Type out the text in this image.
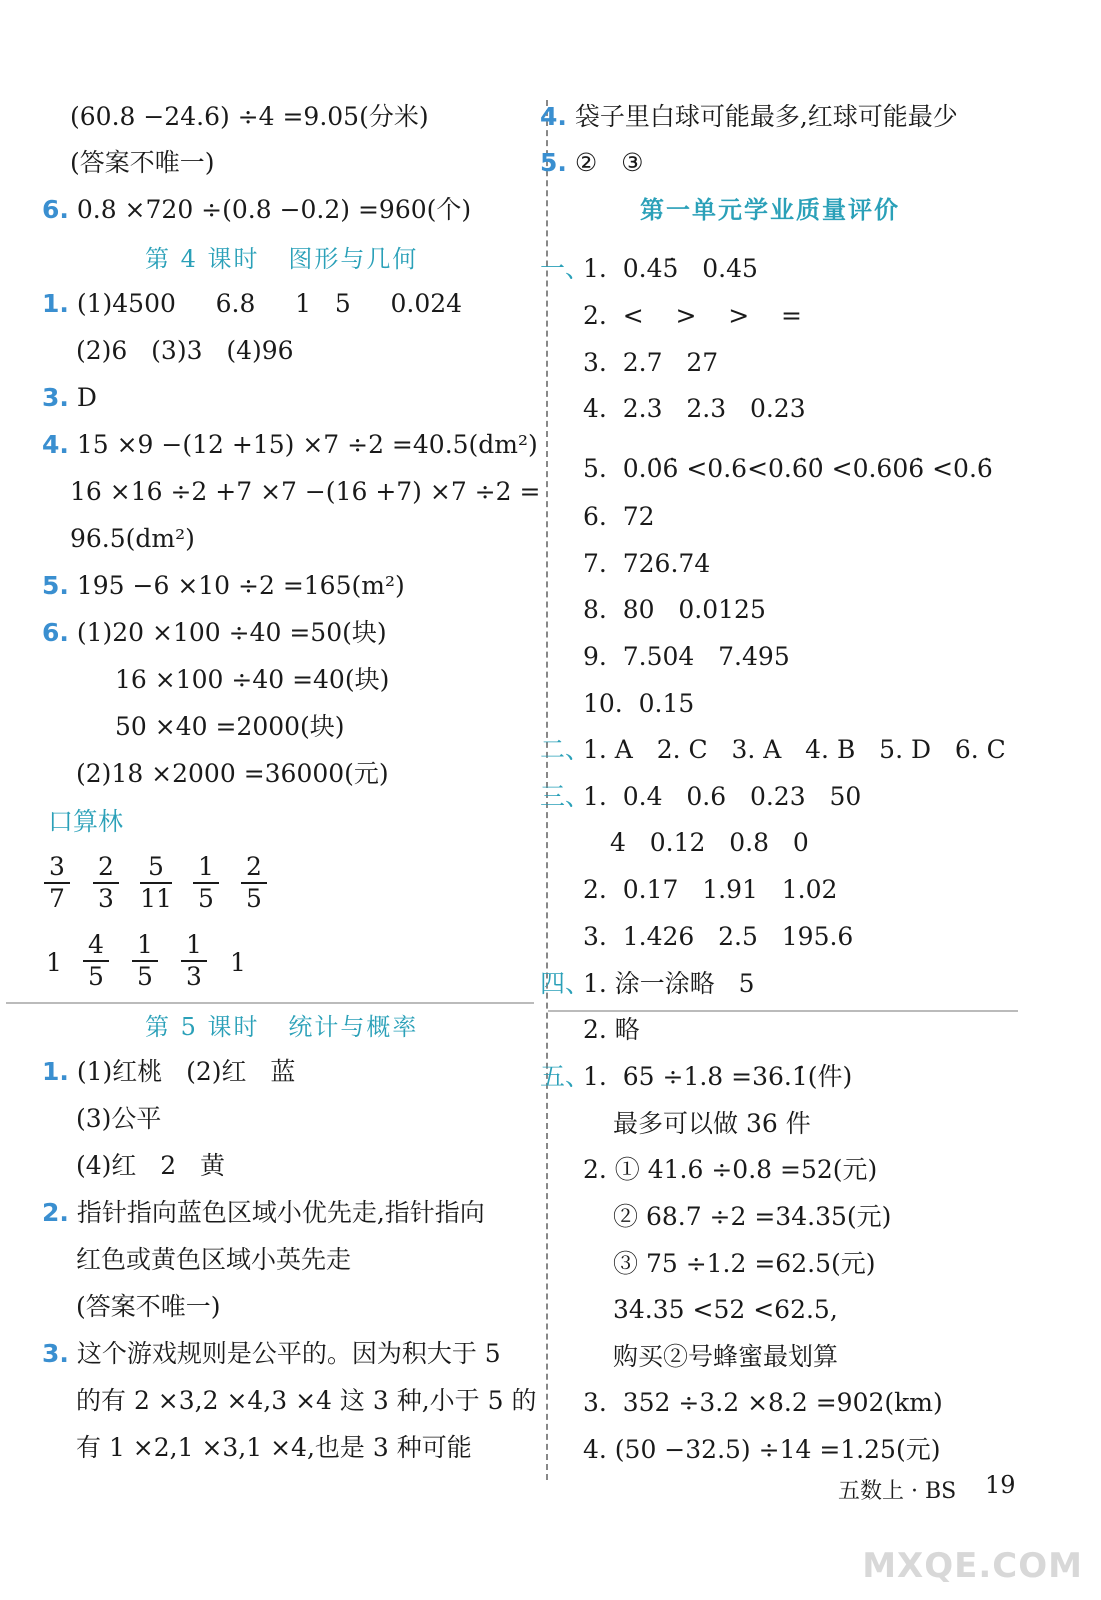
(60.8 −24.6) ÷4 =9.05(分米)
(答案不唯一)
6. 0.8 ×720 ÷(0.8 −0.2) =960(个)
第 4 课时   图形与几何
1. (1)4500     6.8     1   5     0.024
(2)6   (3)3   (4)96
3. D
4. 15 ×9 −(12 +15) ×7 ÷2 =40.5(dm²)
16 ×16 ÷2 +7 ×7 −(16 +7) ×7 ÷2 =
96.5(dm²)
5. 195 −6 ×10 ÷2 =165(m²)
6. (1)20 ×100 ÷40 =50(块)
16 ×100 ÷40 =40(块)
50 ×40 =2000(块)
(2)18 ×2000 =36000(元)
口算林
3
7
2
3
5
11
1
5
2
5
1
4
5
1
5
1
3 1
第 5 课时   统计与概率
1. (1)红桃   (2)红   蓝
(3)公平
(4)红   2   黄
2. 指针指向蓝色区域小优先走,指针指向
红色或黄色区域小英先走
(答案不唯一)
3. 这个游戏规则是公平的。因为积大于 5
的有 2 ×3,2 ×4,3 ×4 这 3 种,小于 5 的
有 1 ×2,1 ×3,1 ×4,也是 3 种可能
4. 袋子里白球可能最多,红球可能最少
5. ②   ③
第一单元学业质量评价
一、
1.  0.4̇5̇   0.45
2.  <    >    >    =
3.  2.7   27
4.  2.3   2.3   0.23
5.  0.0̇6̇ <0.6<0.6̇0̇ <0.606̇ <0.6̇
6.  72
7.  726.74
8.  80   0.0125
9.  7.504   7.495
10.  0.15
二、
1. A   2. C   3. A   4. B   5. D   6. C
三、
1.  0.4   0.6   0.23   50
4   0.12   0.8   0
2.  0.17   1.91   1.02
3.  1.426   2.5   195.6
四、
1. 涂一涂略   5
2. 略
五、
1.  65 ÷1.8 =36.1̇(件)
最多可以做 36 件
2. ① 41.6 ÷0.8 =52(元)
② 68.7 ÷2 =34.35(元)
③ 75 ÷1.2 =62.5(元)
34.35 <52 <62.5,
购买②号蜂蜜最划算
3.  352 ÷3.2 ×8.2 =902(km)
4. (50 −32.5) ÷14 =1.25(元)
五数上 · BS 19
MXQE.COM
